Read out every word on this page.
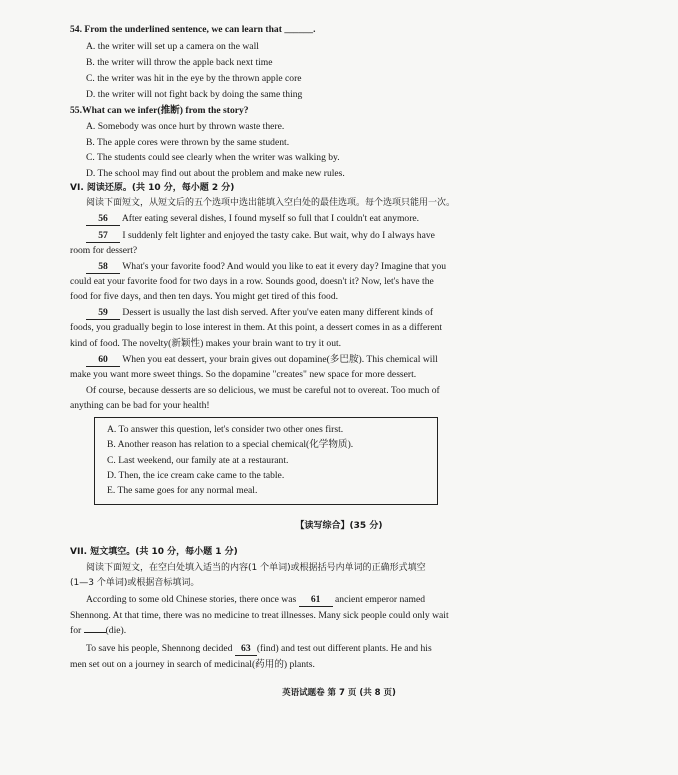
54. From the underlined sentence, we can learn that ______.
A. the writer will set up a camera on the wall
B. the writer will throw the apple back next time
C. the writer was hit in the eye by the thrown apple core
D. the writer will not fight back by doing the same thing
55.What can we infer(推断) from the story?
A. Somebody was once hurt by thrown waste there.
B. The apple cores were thrown by the same student.
C. The students could see clearly when the writer was walking by.
D. The school may find out about the problem and make new rules.
VI. 阅读还原。(共 10 分，每小题 2 分)
阅读下面短文，从短文后的五个选项中选出能填入空白处的最佳选项。每个选项只能用一次。
56 After eating several dishes, I found myself so full that I couldn't eat anymore.
57 I suddenly felt lighter and enjoyed the tasty cake. But wait, why do I always have
room for dessert?
58 What's your favorite food? And would you like to eat it every day? Imagine that you
could eat your favorite food for two days in a row. Sounds good, doesn't it? Now, let's have the
food for five days, and then ten days. You might get tired of this food.
59 Dessert is usually the last dish served. After you've eaten many different kinds of
foods, you gradually begin to lose interest in them. At this point, a dessert comes in as a different
kind of food. The novelty(新颖性) makes your brain want to try it out.
60 When you eat dessert, your brain gives out dopamine(多巴胺). This chemical will
make you want more sweet things. So the dopamine "creates" new space for more dessert.
Of course, because desserts are so delicious, we must be careful not to overeat. Too much of
anything can be bad for your health!
A. To answer this question, let's consider two other ones first.
B. Another reason has relation to a special chemical(化学物质).
C. Last weekend, our family ate at a restaurant.
D. Then, the ice cream cake came to the table.
E. The same goes for any normal meal.
【读写综合】(35 分)
VII. 短文填空。(共 10 分，每小题 1 分)
阅读下面短文，在空白处填入适当的内容(1 个单词)或根据括号内单词的正确形式填空
(1—3 个单词)或根据音标填词。
According to some old Chinese stories, there once was 61 ancient emperor named
Shennong. At that time, there was no medicine to treat illnesses. Many sick people could only wait
for	(die).
To save his people, Shennong decided 63 (find) and test out different plants. He and his
men set out on a journey in search of medicinal(药用的) plants.
英语试题卷 第 7 页 (共 8 页)
